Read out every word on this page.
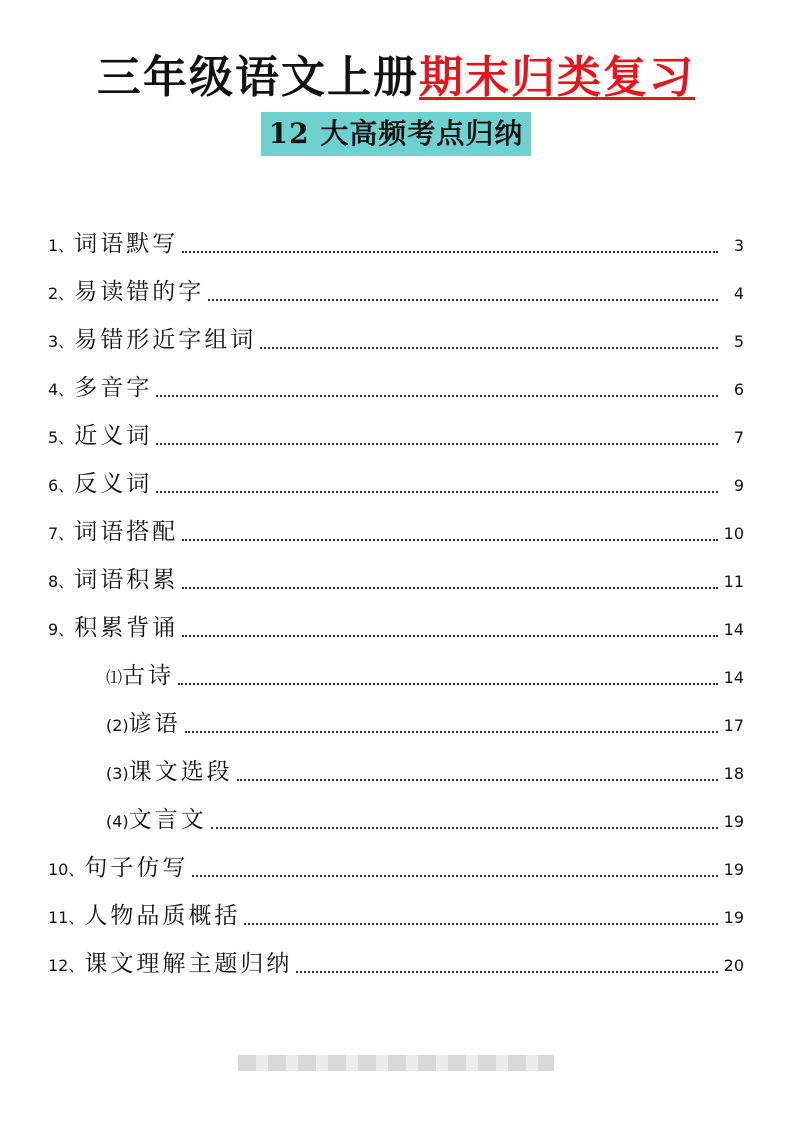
三年级语文上册期末归类复习
12 大高频考点归纳
1、 词语默写	3
2、 易读错的字	4
3、 易错形近字组词	5
4、 多音字	6
5、 近义词	7
6、 反义词	9
7、 词语搭配	10
8、 词语积累	11
9、 积累背诵	14
⑴ 古诗	14
(2) 谚语	17
(3) 课文选段	18
(4) 文言文	19
10、 句子仿写	19
11、 人物品质概括	19
12、 课文理解主题归纳	20
